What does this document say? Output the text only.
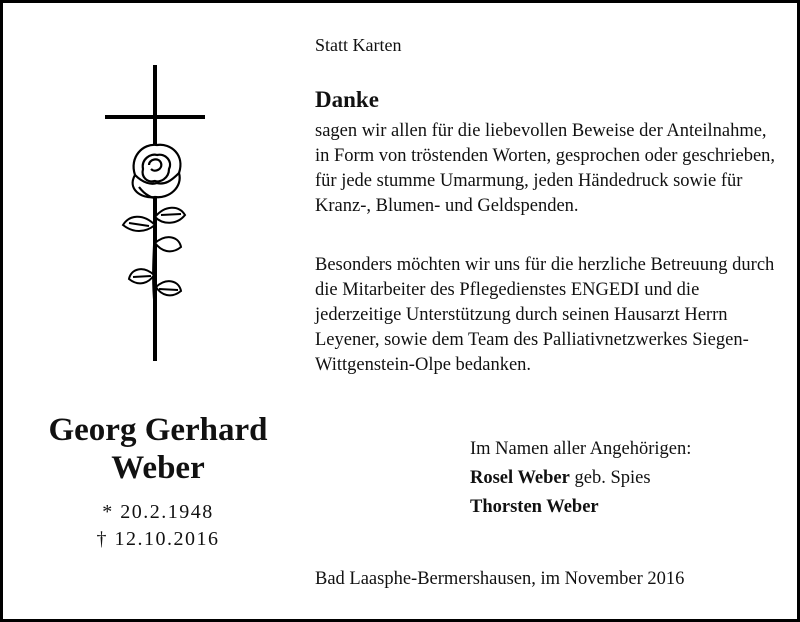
Statt Karten
Danke

sagen wir allen für die liebevollen Beweise der Anteilnahme, in Form von tröstenden Worten, gesprochen oder geschrieben, für jede stumme Umarmung, jeden Händedruck sowie für Kranz-, Blumen- und Geldspenden.

Besonders möchten wir uns für die herzliche Betreuung durch die Mitarbeiter des Pflegedienstes ENGEDI und die jederzeitige Unterstützung durch seinen Hausarzt Herrn Leyener, sowie dem Team des Palliativnetzwerkes Siegen-Wittgenstein-Olpe bedanken.

Georg Gerhard
Weber
* 20.2.1948
† 12.10.2016
Im Namen aller Angehörigen:
Rosel Weber geb. Spies
Thorsten Weber
Bad Laasphe-Bermershausen, im November 2016
